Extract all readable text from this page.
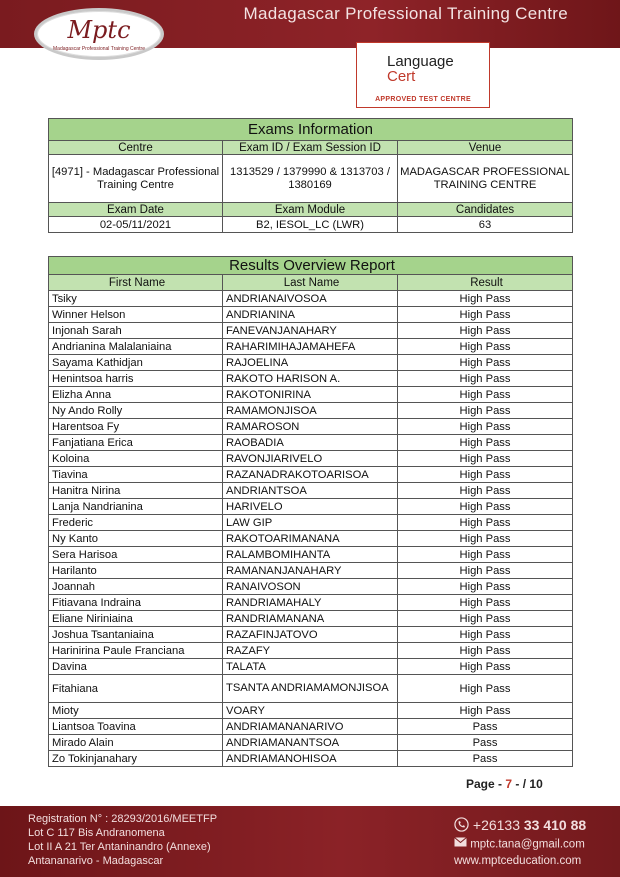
Madagascar Professional Training Centre
Mptc
Madagascar Professional Training Centre
Language
Cert
APPROVED TEST CENTRE
Exams Information		
Centre	Exam ID / Exam Session ID	Venue
[4971] - Madagascar Professional Training Centre	1313529 / 1379990 & 1313703 / 1380169	MADAGASCAR PROFESSIONAL TRAINING CENTRE
Exam Date	Exam Module	Candidates
02-05/11/2021	B2, IESOL_LC (LWR)	63
Results Overview Report		
First Name	Last Name	Result
Tsiky	ANDRIANAIVOSOA	High Pass
Winner Helson	ANDRIANINA	High Pass
Injonah Sarah	FANEVANJANAHARY	High Pass
Andrianina Malalaniaina	RAHARIMIHAJAMAHEFA	High Pass
Sayama Kathidjan	RAJOELINA	High Pass
Henintsoa harris	RAKOTO HARISON A.	High Pass
Elizha Anna	RAKOTONIRINA	High Pass
Ny Ando Rolly	RAMAMONJISOA	High Pass
Harentsoa Fy	RAMAROSON	High Pass
Fanjatiana Erica	RAOBADIA	High Pass
Koloina	RAVONJIARIVELO	High Pass
Tiavina	RAZANADRAKOTOARISOA	High Pass
Hanitra Nirina	ANDRIANTSOA	High Pass
Lanja Nandrianina	HARIVELO	High Pass
Frederic	LAW GIP	High Pass
Ny Kanto	RAKOTOARIMANANA	High Pass
Sera Harisoa	RALAMBOMIHANTA	High Pass
Harilanto	RAMANANJANAHARY	High Pass
Joannah	RANAIVOSON	High Pass
Fitiavana Indraina	RANDRIAMAHALY	High Pass
Eliane Niriniaina	RANDRIAMANANA	High Pass
Joshua Tsantaniaina	RAZAFINJATOVO	High Pass
Harinirina Paule Franciana	RAZAFY	High Pass
Davina	TALATA	High Pass
Fitahiana	TSANTA ANDRIAMAMONJISOA	High Pass
Mioty	VOARY	High Pass
Liantsoa Toavina	ANDRIAMANANARIVO	Pass
Mirado Alain	ANDRIAMANANTSOA	Pass
Zo Tokinjanahary	ANDRIAMANOHISOA	Pass
Page - 7 - / 10
Registration N° : 28293/2016/MEETFP
Lot C 117 Bis Andranomena
Lot II A 21 Ter Antaninandro (Annexe)
Antananarivo - Madagascar
+26133 33 410 88
mptc.tana@gmail.com
www.mptceducation.com
